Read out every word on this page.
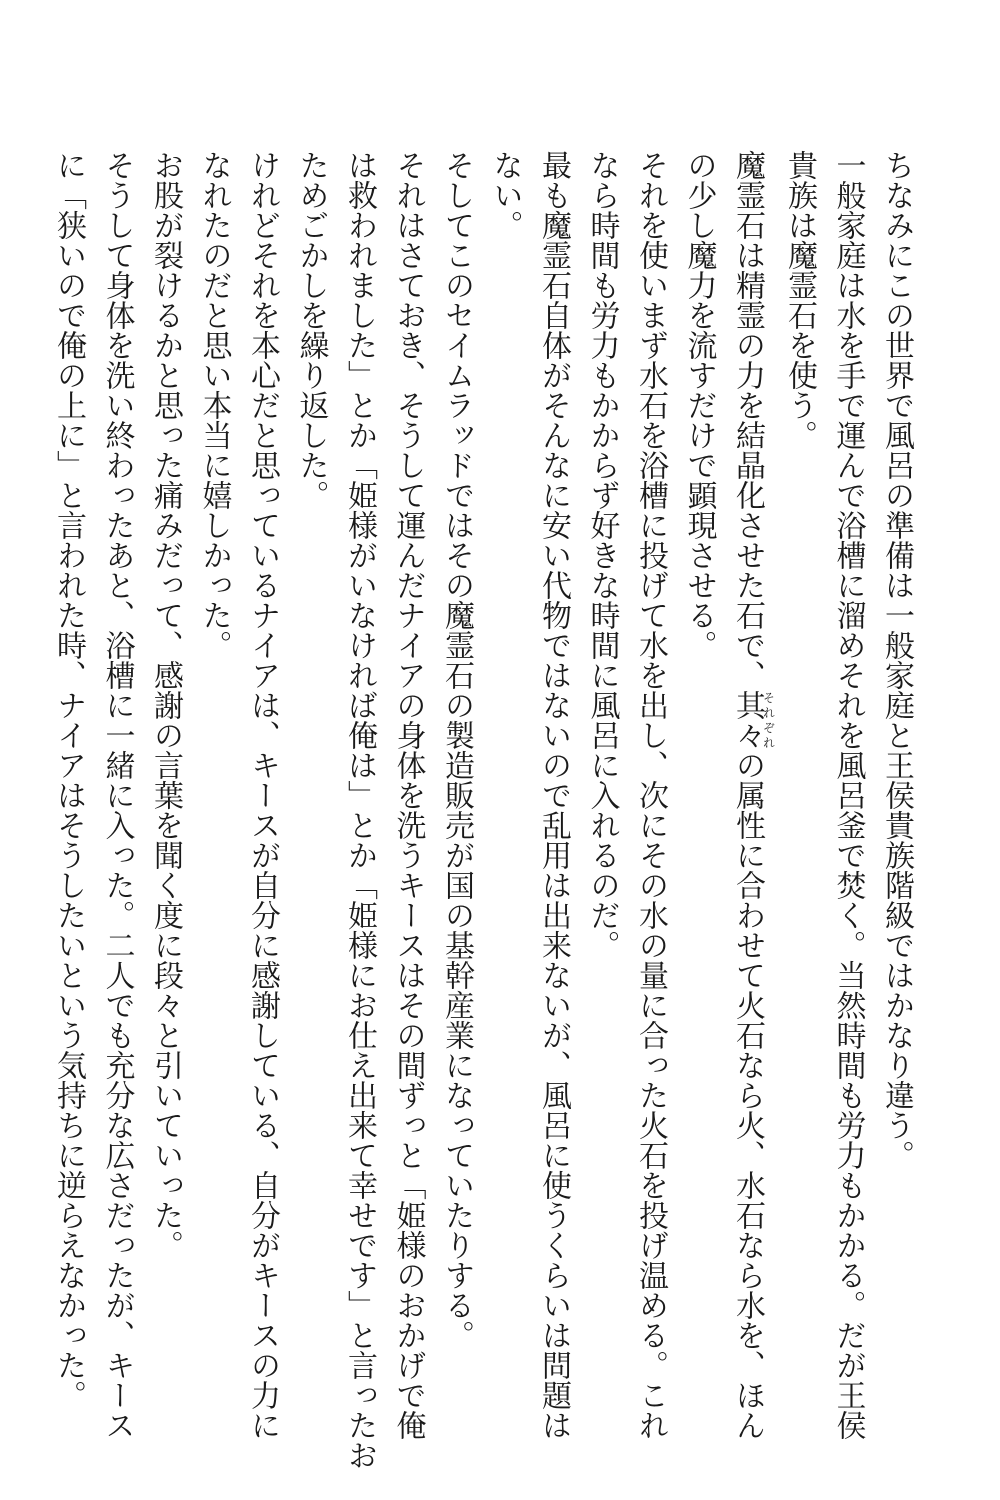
ちなみにこの世界で風呂の準備は一般家庭と王侯貴族階級ではかなり違う。
一般家庭は水を手で運んで浴槽に溜めそれを風呂釜で焚く。当然時間も労力もかかる。だが王侯
貴族は魔霊石を使う。
魔霊石は精霊の力を結晶化させた石で、其々それぞれの属性に合わせて火石なら火、水石なら水を、ほん
の少し魔力を流すだけで顕現させる。
それを使いまず水石を浴槽に投げて水を出し、次にその水の量に合った火石を投げ温める。これ
なら時間も労力もかからず好きな時間に風呂に入れるのだ。
最も魔霊石自体がそんなに安い代物ではないので乱用は出来ないが、風呂に使うくらいは問題は
ない。
そしてこのセイムラッドではその魔霊石の製造販売が国の基幹産業になっていたりする。
それはさておき、そうして運んだナイアの身体を洗うキースはその間ずっと「姫様のおかげで俺
は救われました」とか「姫様がいなければ俺は」とか「姫様にお仕え出来て幸せです」と言ったお
ためごかしを繰り返した。
けれどそれを本心だと思っているナイアは、キースが自分に感謝している、自分がキースの力に
なれたのだと思い本当に嬉しかった。
お股が裂けるかと思った痛みだって、感謝の言葉を聞く度に段々と引いていった。
そうして身体を洗い終わったあと、浴槽に一緒に入った。二人でも充分な広さだったが、キース
に「狭いので俺の上に」と言われた時、ナイアはそうしたいという気持ちに逆らえなかった。
